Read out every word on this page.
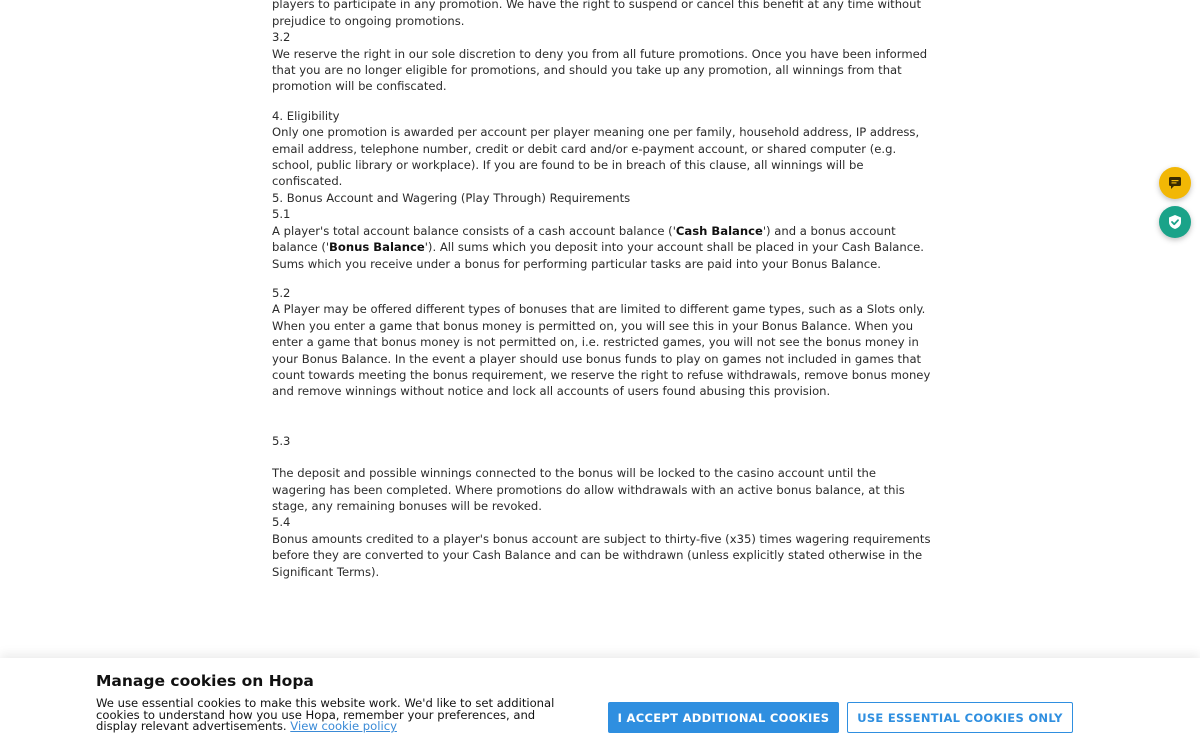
players to participate in any promotion. We have the right to suspend or cancel this benefit at any time without prejudice to ongoing promotions.

3.2

We reserve the right in our sole discretion to deny you from all future promotions. Once you have been informed that you are no longer eligible for promotions, and should you take up any promotion, all winnings from that promotion will be confiscated.

4. Eligibility

Only one promotion is awarded per account per player meaning one per family, household address, IP address, email address, telephone number, credit or debit card and/or e-payment account, or shared computer (e.g. school, public library or workplace). If you are found to be in breach of this clause, all winnings will be confiscated.

5. Bonus Account and Wagering (Play Through) Requirements

5.1

A player's total account balance consists of a cash account balance ('Cash Balance') and a bonus account balance ('Bonus Balance'). All sums which you deposit into your account shall be placed in your Cash Balance. Sums which you receive under a bonus for performing particular tasks are paid into your Bonus Balance.

5.2

A Player may be offered different types of bonuses that are limited to different game types, such as a Slots only. When you enter a game that bonus money is permitted on, you will see this in your Bonus Balance. When you enter a game that bonus money is not permitted on, i.e. restricted games, you will not see the bonus money in your Bonus Balance. In the event a player should use bonus funds to play on games not included in games that count towards meeting the bonus requirement, we reserve the right to refuse withdrawals, remove bonus money and remove winnings without notice and lock all accounts of users found abusing this provision.

5.3

The deposit and possible winnings connected to the bonus will be locked to the casino account until the wagering has been completed. Where promotions do allow withdrawals with an active bonus balance, at this stage, any remaining bonuses will be revoked.

5.4

Bonus amounts credited to a player's bonus account are subject to thirty-five (x35) times wagering requirements before they are converted to your Cash Balance and can be withdrawn (unless explicitly stated otherwise in the Significant Terms).

Manage cookies on Hopa
We use essential cookies to make this website work. We'd like to set additional cookies to understand how you use Hopa, remember your preferences, and display relevant advertisements. View cookie policy
I ACCEPT ADDITIONAL COOKIES	USE ESSENTIAL COOKIES ONLY
